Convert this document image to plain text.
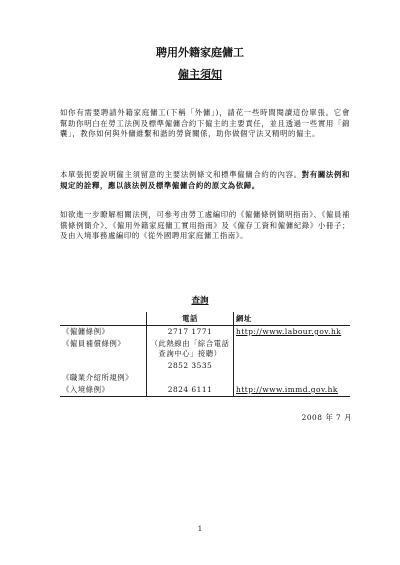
聘用外籍家庭傭工
僱主須知
如你有需要聘請外籍家庭傭工(下稱「外傭」)，請花一些時間閱讀這份單張。它會幫助你明白在勞工法例及標準僱傭合約下僱主的主要責任，並且透過一些實用「錦囊」，教你如何與外傭維繫和諧的勞資關係，助你做個守法又精明的僱主。
本單張扼要說明僱主須留意的主要法例條文和標準僱傭合約的內容。對有關法例和規定的詮釋，應以該法例及標準僱傭合約的原文為依歸。
如欲進一步瞭解相關法例，可參考由勞工處編印的《僱傭條例簡明指南》、《僱員補償條例簡介》、《僱用外籍家庭傭工實用指南》及《僱存工資和僱傭紀錄》小冊子；及由入境事務處編印的《從外國聘用家庭傭工指南》。
查詢
	電話	網址
《僱傭條例》	2717 1771	http://www.labour.gov.hk
《僱員補償條例》	（此熱線由「綜合電話查詢中心」接聽）	
	2852 3535	
《職業介紹所規例》		
《入境條例》	2824 6111	http://www.immd.gov.hk
2008 年 7 月
1
